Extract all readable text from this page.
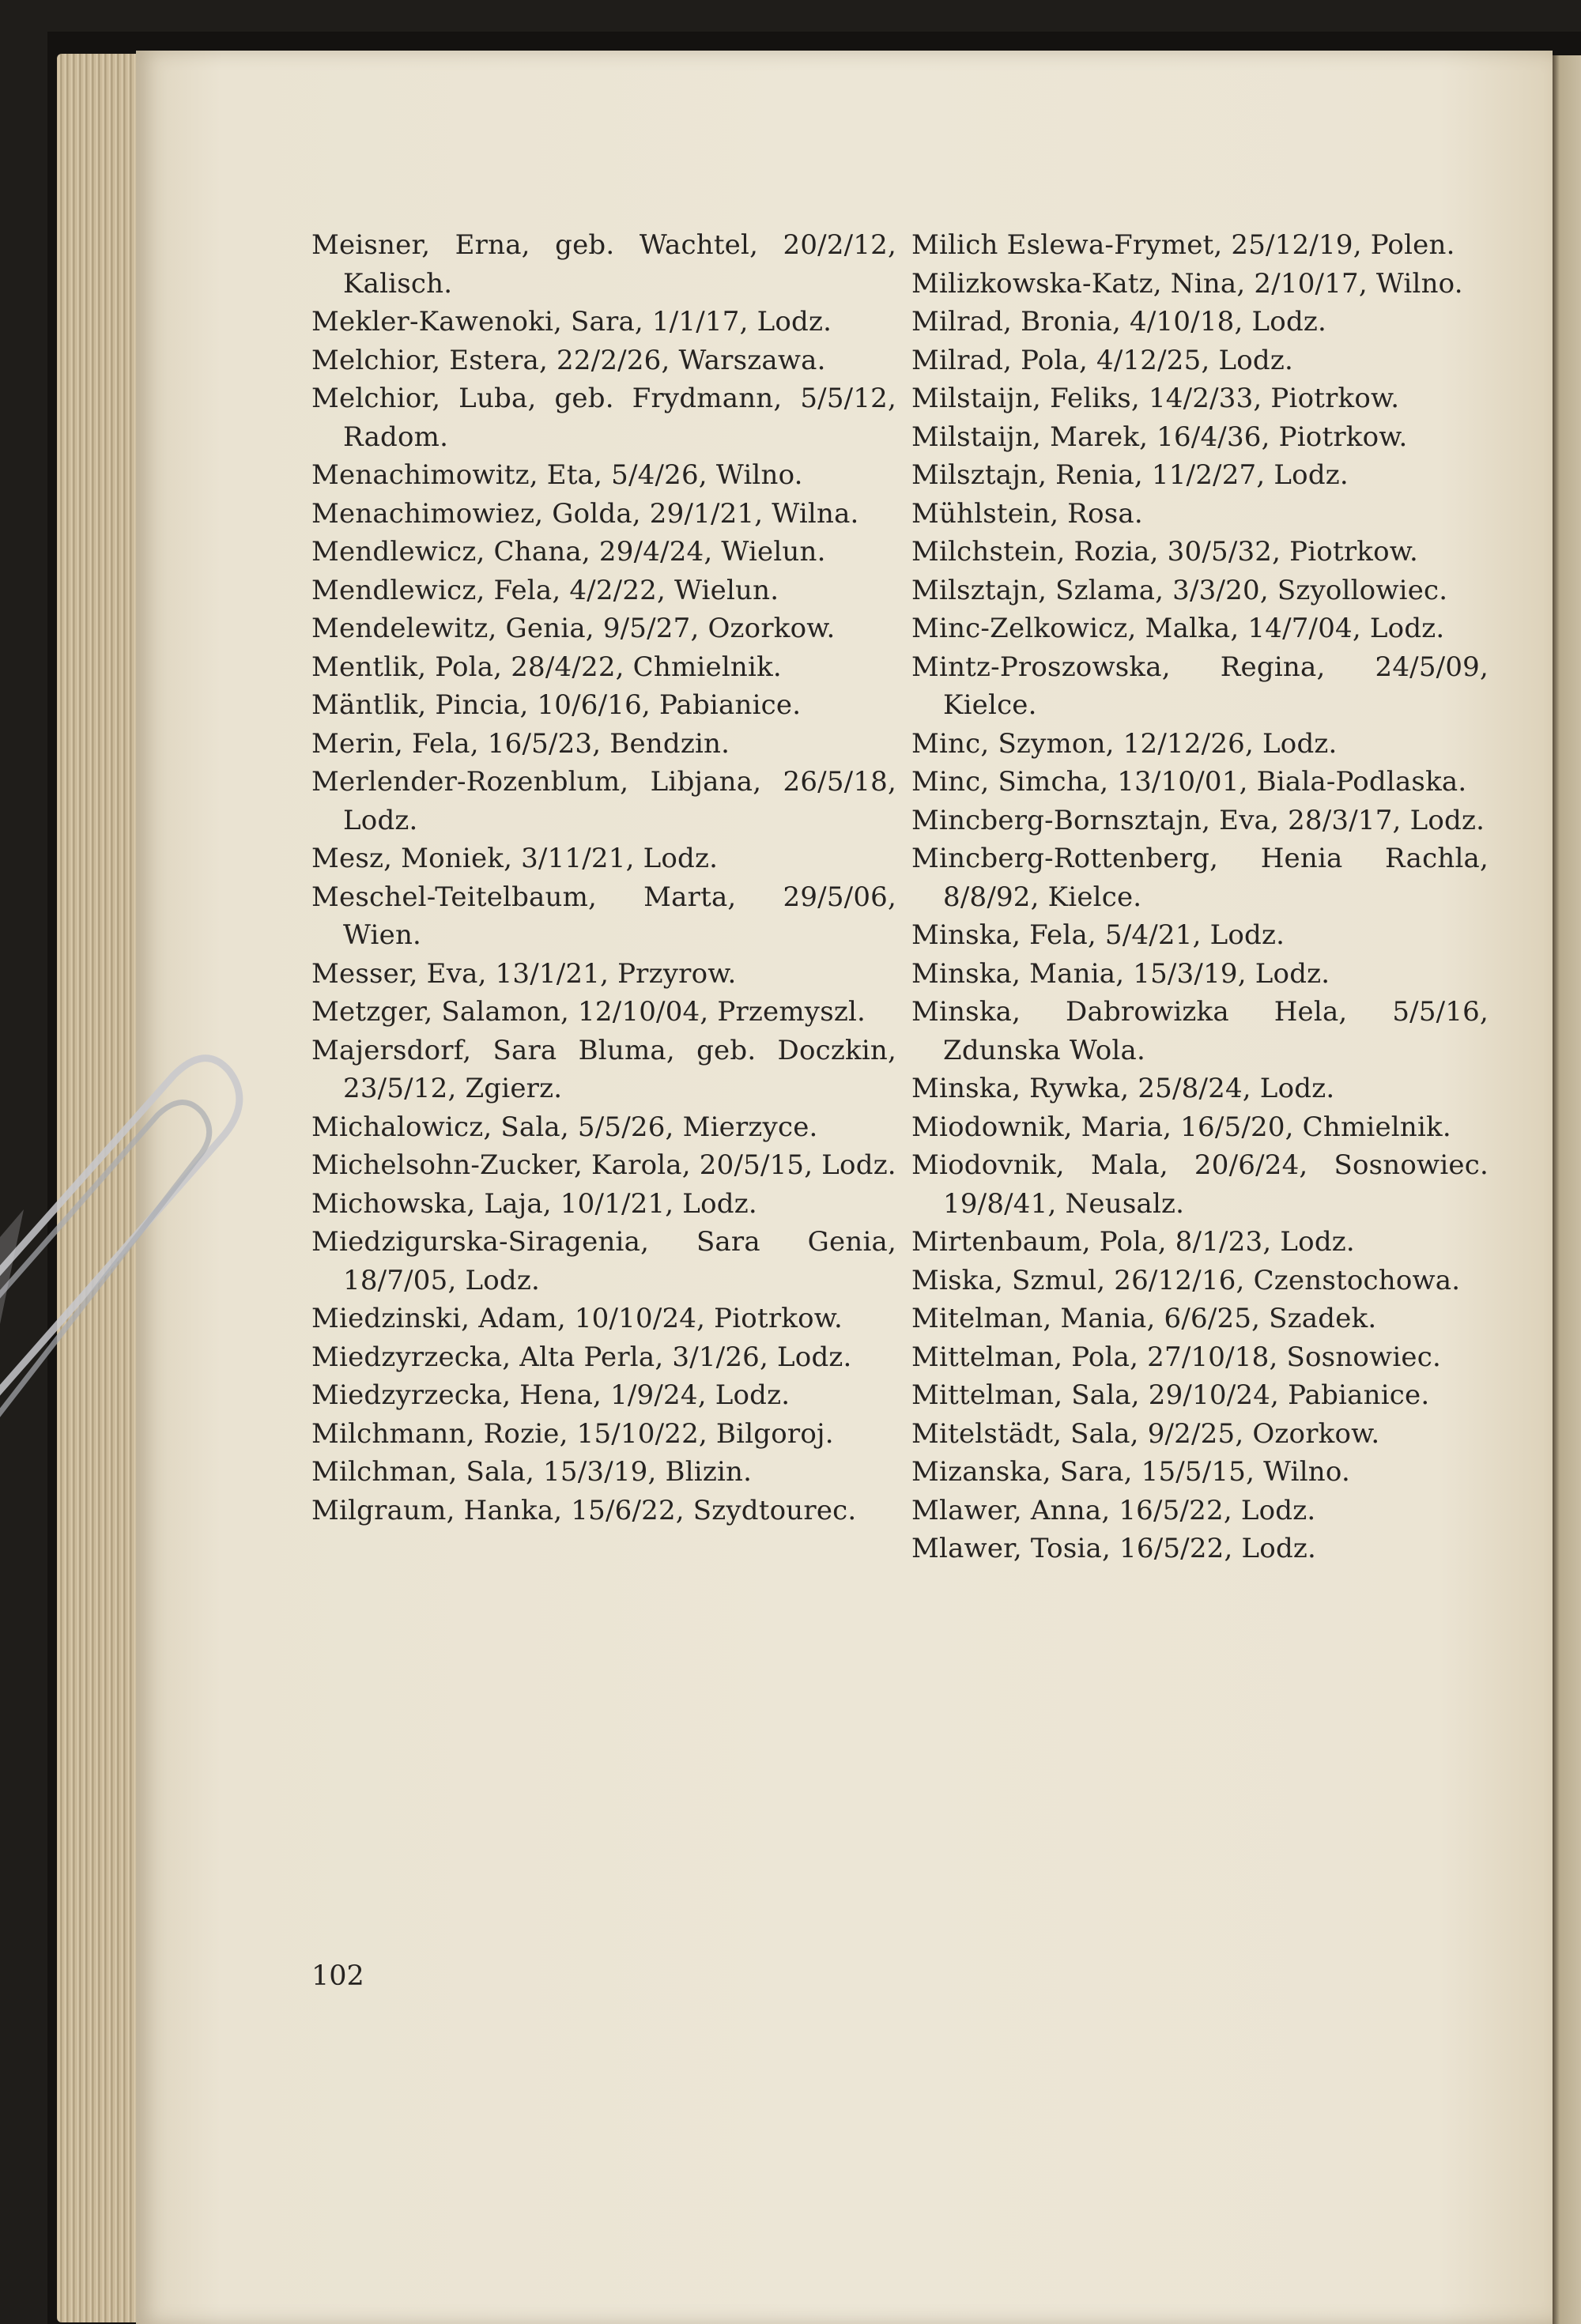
Meisner, Erna, geb. Wachtel, 20/2/12, Kalisch.
Mekler-Kawenoki, Sara, 1/1/17, Lodz.
Melchior, Estera, 22/2/26, Warszawa.
Melchior, Luba, geb. Frydmann, 5/5/12, Radom.
Menachimowitz, Eta, 5/4/26, Wilno.
Menachimowiez, Golda, 29/1/21, Wilna.
Mendlewicz, Chana, 29/4/24, Wielun.
Mendlewicz, Fela, 4/2/22, Wielun.
Mendelewitz, Genia, 9/5/27, Ozorkow.
Mentlik, Pola, 28/4/22, Chmielnik.
Mäntlik, Pincia, 10/6/16, Pabianice.
Merin, Fela, 16/5/23, Bendzin.
Merlender-Rozenblum, Libjana, 26/5/18, Lodz.
Mesz, Moniek, 3/11/21, Lodz.
Meschel-Teitelbaum, Marta, 29/5/06, Wien.
Messer, Eva, 13/1/21, Przyrow.
Metzger, Salamon, 12/10/04, Przemyszl.
Majersdorf, Sara Bluma, geb. Doczkin, 23/5/12, Zgierz.
Michalowicz, Sala, 5/5/26, Mierzyce.
Michelsohn-Zucker, Karola, 20/5/15, Lodz.
Michowska, Laja, 10/1/21, Lodz.
Miedzigurska-Siragenia, Sara Genia, 18/7/05, Lodz.
Miedzinski, Adam, 10/10/24, Piotrkow.
Miedzyrzecka, Alta Perla, 3/1/26, Lodz.
Miedzyrzecka, Hena, 1/9/24, Lodz.
Milchmann, Rozie, 15/10/22, Bilgoroj.
Milchman, Sala, 15/3/19, Blizin.
Milgraum, Hanka, 15/6/22, Szydtourec.
Milich Eslewa-Frymet, 25/12/19, Polen.
Milizkowska-Katz, Nina, 2/10/17, Wilno.
Milrad, Bronia, 4/10/18, Lodz.
Milrad, Pola, 4/12/25, Lodz.
Milstaijn, Feliks, 14/2/33, Piotrkow.
Milstaijn, Marek, 16/4/36, Piotrkow.
Milsztajn, Renia, 11/2/27, Lodz.
Mühlstein, Rosa.
Milchstein, Rozia, 30/5/32, Piotrkow.
Milsztajn, Szlama, 3/3/20, Szyollowiec.
Minc-Zelkowicz, Malka, 14/7/04, Lodz.
Mintz-Proszowska, Regina, 24/5/09, Kielce.
Minc, Szymon, 12/12/26, Lodz.
Minc, Simcha, 13/10/01, Biala-Podlaska.
Mincberg-Bornsztajn, Eva, 28/3/17, Lodz.
Mincberg-Rottenberg, Henia Rachla, 8/8/92, Kielce.
Minska, Fela, 5/4/21, Lodz.
Minska, Mania, 15/3/19, Lodz.
Minska, Dabrowizka Hela, 5/5/16, Zdunska Wola.
Minska, Rywka, 25/8/24, Lodz.
Miodownik, Maria, 16/5/20, Chmielnik.
Miodovnik, Mala, 20/6/24, Sosnowiec. 19/8/41, Neusalz.
Mirtenbaum, Pola, 8/1/23, Lodz.
Miska, Szmul, 26/12/16, Czenstochowa.
Mitelman, Mania, 6/6/25, Szadek.
Mittelman, Pola, 27/10/18, Sosnowiec.
Mittelman, Sala, 29/10/24, Pabianice.
Mitelstädt, Sala, 9/2/25, Ozorkow.
Mizanska, Sara, 15/5/15, Wilno.
Mlawer, Anna, 16/5/22, Lodz.
Mlawer, Tosia, 16/5/22, Lodz.
102
